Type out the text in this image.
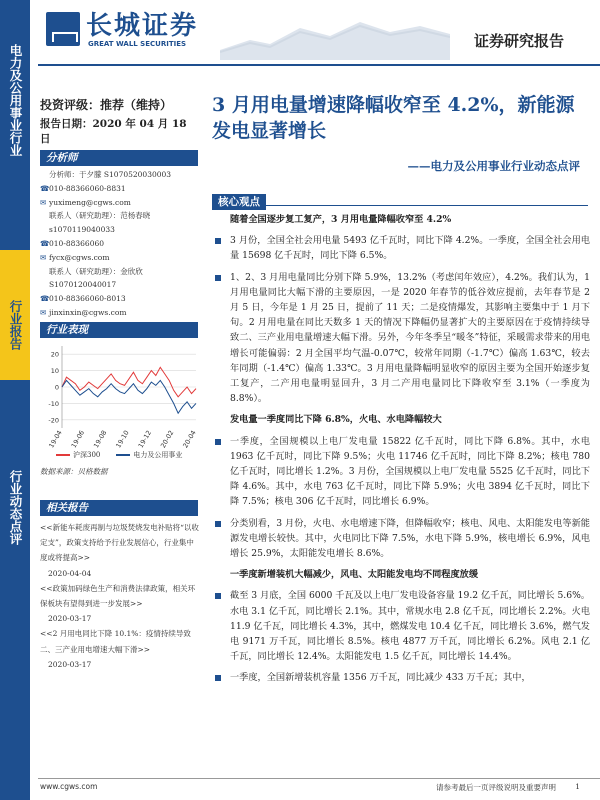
电力及公用事业行业
行业报告
行业动态点评
长城证券
GREAT WALL SECURITIES	证券研究报告
投资评级：推荐（维持）
报告日期：2020 年 04 月 18 日
分析师
分析师：于夕朦 S1070520030003
☎010-88366060-8831
✉ yuximeng@cgws.com
联系人（研究助理）：范杨春晓
s1070119040033
☎010-88366060
✉ fycx@cgws.com
联系人（研究助理）：金欣欣
S1070120040017
☎010-88366060-8013
✉ jinxinxin@cgws.com
行业表现
20
10
0
-10
-20
19-04 19-06 19-08 19-10 19-12 20-02 20-04
沪深300	电力及公用事业
数据来源：贝格数据
相关报告
<<新能车耗废再制与垃圾焚烧发电补贴将“以收定支”，政策支持给予行业发展信心，行业集中度或将提高>>
2020-04-04
<<政策加码绿色生产和消费法律政策，相关环保板块有望得到进一步发展>>
2020-03-17
<<2 月用电同比下降 10.1%：疫情持续导致二、三产业用电增速大幅下滑>>
2020-03-17
3 月用电量增速降幅收窄至 4.2%，新能源发电显著增长
——电力及公用事业行业动态点评
核心观点
随着全国逐步复工复产，3 月用电量降幅收窄至 4.2%
3 月份，全国全社会用电量 5493 亿千瓦时，同比下降 4.2%。一季度，全国全社会用电量 15698 亿千瓦时，同比下降 6.5%。
1、2、3 月用电量同比分别下降 5.9%，13.2%（考虑闰年效应），4.2%。我们认为，1 月用电量同比大幅下滑的主要原因，一是 2020 年春节的低谷效应提前，去年春节是 2 月 5 日，今年是 1 月 25 日，提前了 11 天；二是疫情爆发，其影响主要集中于 1 月下旬。2 月用电量在同比天数多 1 天的情况下降幅仍显著扩大的主要原因在于疫情持续导致二、三产业用电量增速大幅下滑。另外，今年冬季呈“暖冬”特征，采暖需求带来的用电增长可能偏弱：2 月全国平均气温-0.07℃，较常年同期（-1.7℃）偏高 1.63℃，较去年同期（-1.4℃）偏高 1.33℃。3 月用电量降幅明显收窄的原因主要为全国开始逐步复工复产，二产用电量明显回升，3 月二产用电量同比下降收窄至 3.1%（一季度为 8.8%）。
发电量一季度同比下降 6.8%，火电、水电降幅较大
一季度，全国规模以上电厂发电量 15822 亿千瓦时，同比下降 6.8%。其中，水电 1963 亿千瓦时，同比下降 9.5%；火电 11746 亿千瓦时，同比下降 8.2%；核电 780 亿千瓦时，同比增长 1.2%。3 月份，全国规模以上电厂发电量 5525 亿千瓦时，同比下降 4.6%。其中，水电 763 亿千瓦时，同比下降 5.9%；火电 3894 亿千瓦时，同比下降 7.5%；核电 306 亿千瓦时，同比增长 6.9%。
分类别看，3 月份，火电、水电增速下降，但降幅收窄；核电、风电、太阳能发电等新能源发电增长较快。其中，火电同比下降 7.5%，水电下降 5.9%，核电增长 6.9%，风电增长 25.9%，太阳能发电增长 8.6%。
一季度新增装机大幅减少，风电、太阳能发电均不同程度放缓
截至 3 月底，全国 6000 千瓦及以上电厂发电设备容量 19.2 亿千瓦，同比增长 5.6%。水电 3.1 亿千瓦，同比增长 2.1%。其中，常规水电 2.8 亿千瓦，同比增长 2.2%。火电 11.9 亿千瓦，同比增长 4.3%，其中，燃煤发电 10.4 亿千瓦，同比增长 3.6%，燃气发电 9171 万千瓦，同比增长 8.5%。核电 4877 万千瓦，同比增长 6.2%。风电 2.1 亿千瓦，同比增长 12.4%。太阳能发电 1.5 亿千瓦，同比增长 14.4%。
一季度，全国新增装机容量 1356 万千瓦，同比减少 433 万千瓦；其中，
www.cgws.com	请参考最后一页评级说明及重要声明	1
